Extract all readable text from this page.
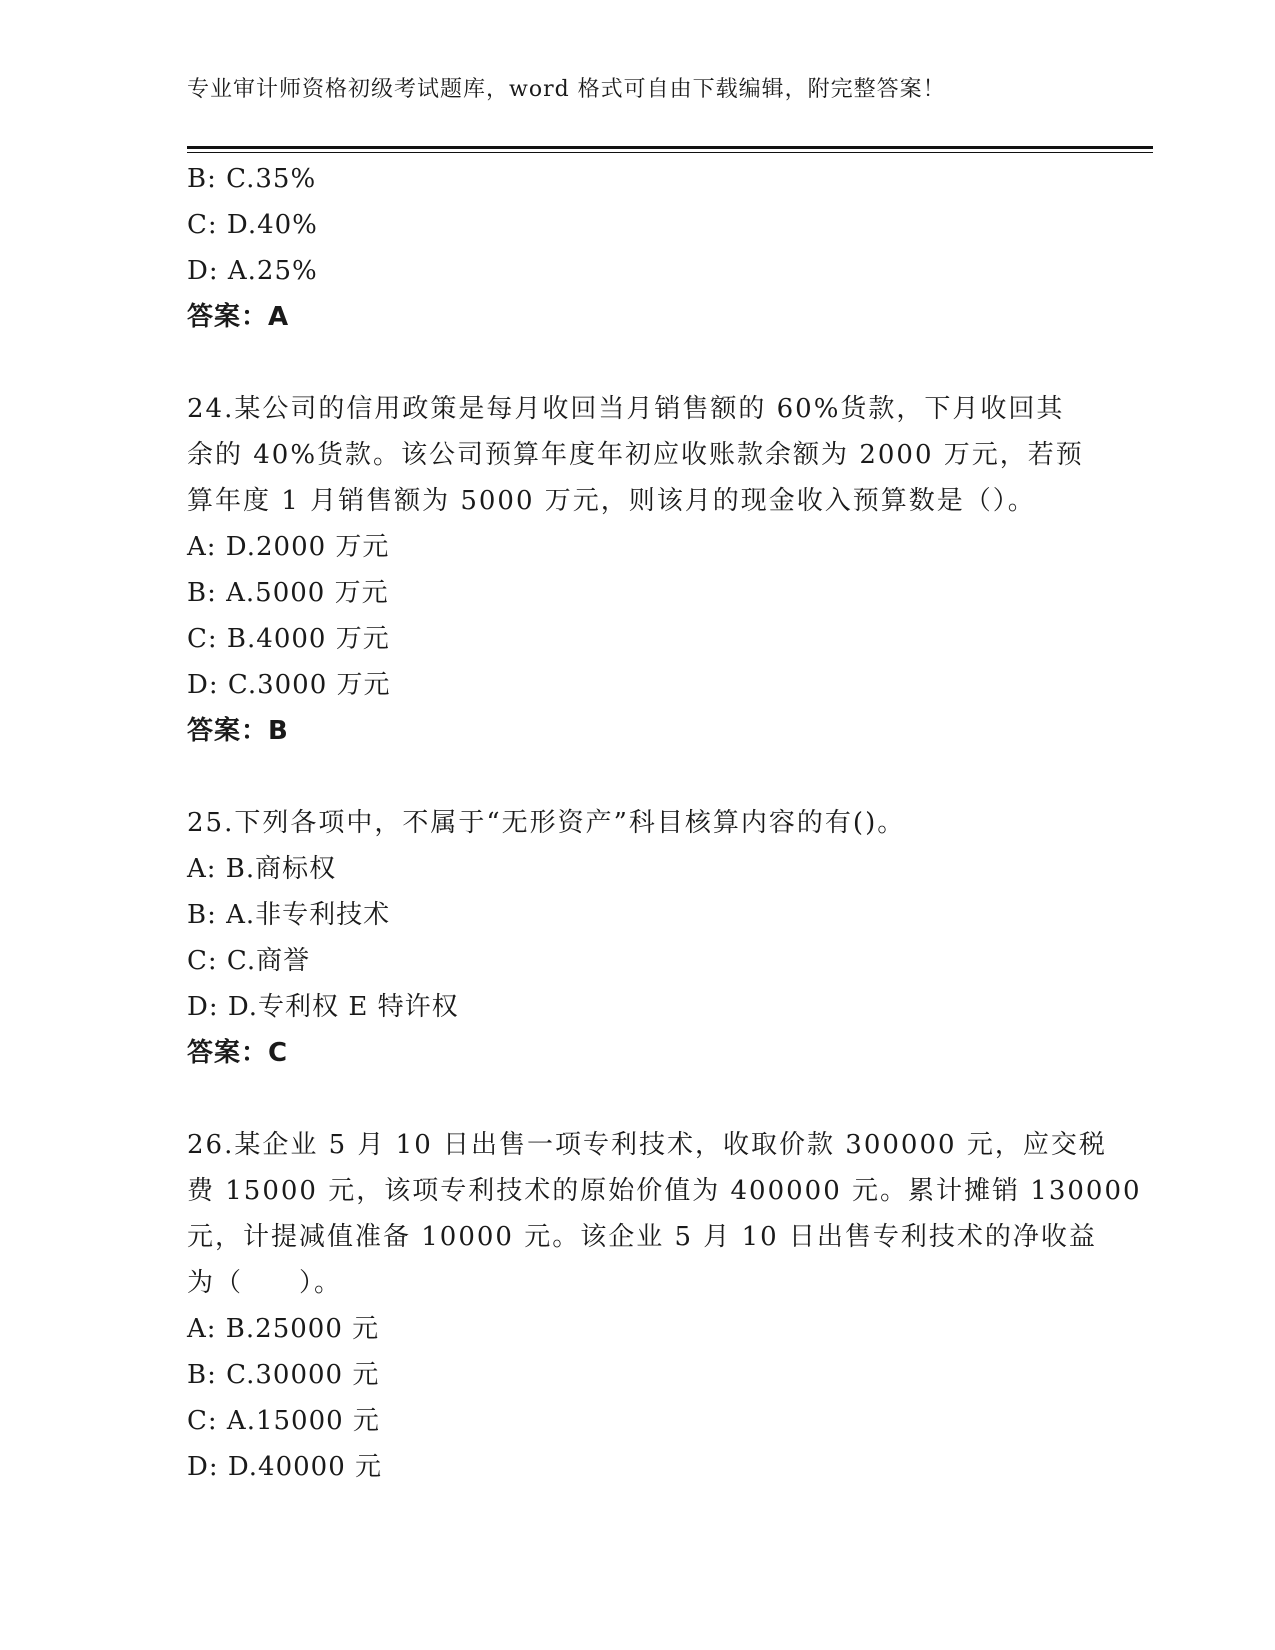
专业审计师资格初级考试题库，word 格式可自由下载编辑，附完整答案！
B: C.35%
C: D.40%
D: A.25%
答案：A
24.某公司的信用政策是每月收回当月销售额的 60%货款，下月收回其
余的 40%货款。该公司预算年度年初应收账款余额为 2000 万元，若预
算年度 1 月销售额为 5000 万元，则该月的现金收入预算数是（）。
A: D.2000 万元
B: A.5000 万元
C: B.4000 万元
D: C.3000 万元
答案：B
25.下列各项中，不属于“无形资产”科目核算内容的有()。
A: B.商标权
B: A.非专利技术
C: C.商誉
D: D.专利权 E 特许权
答案：C
26.某企业 5 月 10 日出售一项专利技术，收取价款 300000 元，应交税
费 15000 元，该项专利技术的原始价值为 400000 元。累计摊销 130000
元，计提减值准备 10000 元。该企业 5 月 10 日出售专利技术的净收益
为（　　）。
A: B.25000 元
B: C.30000 元
C: A.15000 元
D: D.40000 元
